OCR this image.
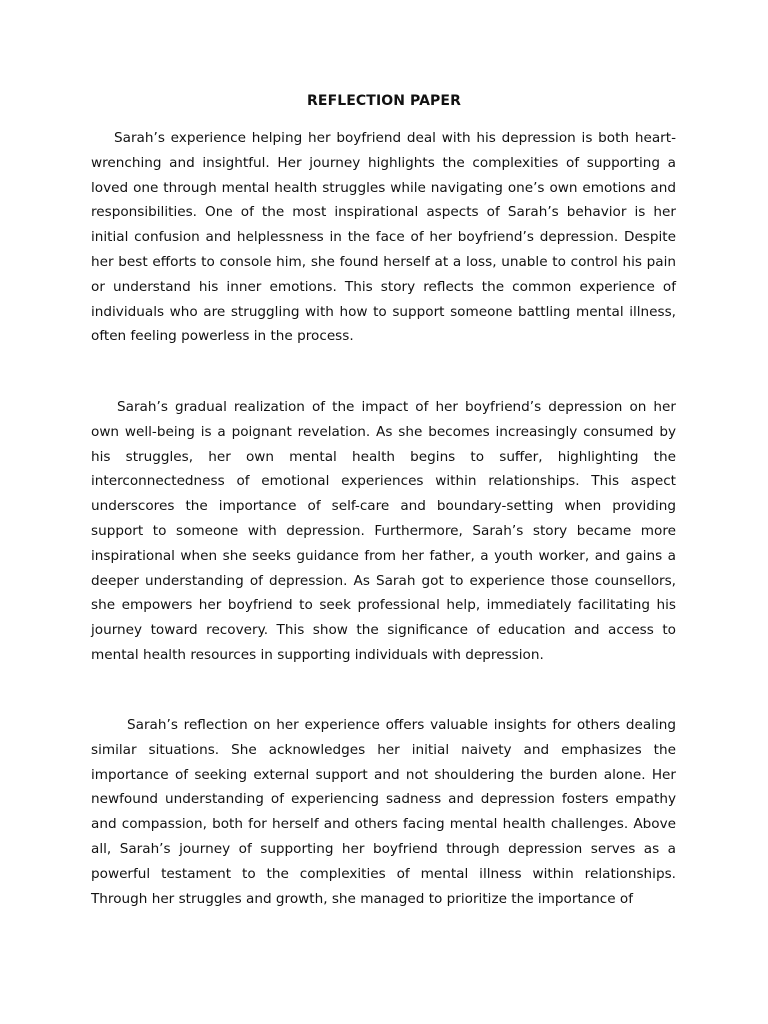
REFLECTION PAPER

Sarah’s experience helping her boyfriend deal with his depression is both heart-wrenching and insightful. Her journey highlights the complexities of supporting a loved one through mental health struggles while navigating one’s own emotions and responsibilities. One of the most inspirational aspects of Sarah’s behavior is her initial confusion and helplessness in the face of her boyfriend’s depression. Despite her best efforts to console him, she found herself at a loss, unable to control his pain or understand his inner emotions. This story reflects the common experience of individuals who are struggling with how to support someone battling mental illness, often feeling powerless in the process.

Sarah’s gradual realization of the impact of her boyfriend’s depression on her own well-being is a poignant revelation. As she becomes increasingly consumed by his struggles, her own mental health begins to suffer, highlighting the interconnectedness of emotional experiences within relationships. This aspect underscores the importance of self-care and boundary-setting when providing support to someone with depression. Furthermore, Sarah’s story became more inspirational when she seeks guidance from her father, a youth worker, and gains a deeper understanding of depression. As Sarah got to experience those counsellors, she empowers her boyfriend to seek professional help, immediately facilitating his journey toward recovery. This show the significance of education and access to mental health resources in supporting individuals with depression.

Sarah’s reflection on her experience offers valuable insights for others dealing similar situations. She acknowledges her initial naivety and emphasizes the importance of seeking external support and not shouldering the burden alone. Her newfound understanding of experiencing sadness and depression fosters empathy and compassion, both for herself and others facing mental health challenges. Above all, Sarah’s journey of supporting her boyfriend through depression serves as a powerful testament to the complexities of mental illness within relationships. Through her struggles and growth, she managed to prioritize the importance of
